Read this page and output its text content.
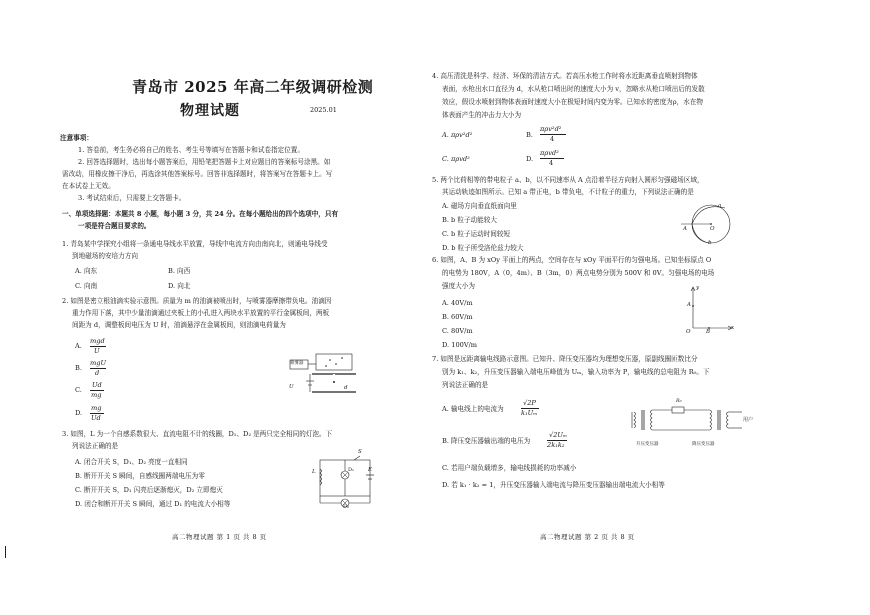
青岛市 2025 年高二年级调研检测
物理试题	2025.01
注意事项：
1. 答卷前，考生务必将自己的姓名、考生号等填写在答题卡和试卷指定位置。
2. 回答选择题时，选出每小题答案后，用铅笔把答题卡上对应题目的答案标号涂黑。如
需改动，用橡皮擦干净后，再选涂其他答案标号。回答非选择题时，将答案写在答题卡上。写
在本试卷上无效。
3. 考试结束后，只需要上交答题卡。
一、单项选择题：本题共 8 小题，每小题 3 分，共 24 分。在每小题给出的四个选项中，只有
一项是符合题目要求的。
1. 青岛某中学探究小组将一条通电导线水平放置，导线中电流方向由南向北，则通电导线受
到地磁场的安培力方向
A. 向东	B. 向西
C. 向南	D. 向北
2. 如图是密立根油滴实验示意图。质量为 m 的油滴被喷出时，与喷雾器摩擦带负电。油滴因
重力作用下落，其中少量油滴通过夹板上的小孔进入两块水平放置的平行金属板间，两板
间距为 d，调整板间电压为 U 时，油滴悬浮在金属板间，则油滴电荷量为
A.
mgd
U
B.
mgU
d
C.
Ud
mg
D.
mg
Ud
喷雾器
U	d
3. 如图，L 为一个自感系数很大、直流电阻不计的线圈，D₁、D₂ 是两只完全相同的灯泡。下
列说法正确的是
A. 闭合开关 S，D₁、D₂ 亮度一直相同
B. 断开开关 S 瞬间，自感线圈两端电压为零
C. 断开开关 S，D₁ 闪亮后逐渐熄灭，D₂ 立即熄灭
D. 闭合和断开开关 S 瞬间，通过 D₁ 的电流大小相等
L	D₁	E
D₂
S
高二物理试题 第 1 页 共 8 页
4. 高压清洗是科学、经济、环保的清洁方式。若高压水枪工作时将水近距离垂直喷射到物体
表面，水枪出水口直径为 d，水从枪口喷出时的速度大小为 v，忽略水从枪口喷出后的发散
效应，假设水喷射到物体表面时速度大小在极短时间内变为零。已知水的密度为ρ，水在物
体表面产生的冲击力大小为
A. πρv²d²	B.
πρv²d²
4
C. πρvd²	D.
πρvd²
4
5. 两个比荷相等的带电粒子 a、b，以不同速率从 A 点沿着半径方向射入圆形匀强磁场区域，
其运动轨迹如图所示。已知 a 带正电，b 带负电，不计粒子的重力，下列说法正确的是
A. 磁场方向垂直纸面向里
B. b 粒子动能较大
C. b 粒子运动时间较短
D. b 粒子所受洛伦兹力较大
a
b
A	O
6. 如图，A、B 为 xOy 平面上的两点，空间存在与 xOy 平面平行的匀强电场。已知坐标原点 O
的电势为 180V，A（0，4m）、B（3m，0）两点电势分别为 500V 和 0V。匀强电场的电场
强度大小为
A. 40V/m
B. 60V/m
C. 80V/m
D. 100V/m
y
x
A
O	B
7. 如图是远距离输电线路示意图。已知升、降压变压器均为理想变压器，原副线圈匝数比分
别为 k₁、k₂，升压变压器输入端电压峰值为 Uₘ，输入功率为 P，输电线的总电阻为 R₀。下
列说法正确的是
A. 输电线上的电流为
√2P
k₁Uₘ
B. 降压变压器输出端的电压为
√2Uₘ
2k₁k₂
C. 若用户端负载增多，输电线损耗的功率减小
D. 若 k₁ · k₂ = 1，升压变压器输入端电流与降压变压器输出端电流大小相等
R₀
升压变压器	降压变压器
用户
高二物理试题 第 2 页 共 8 页
